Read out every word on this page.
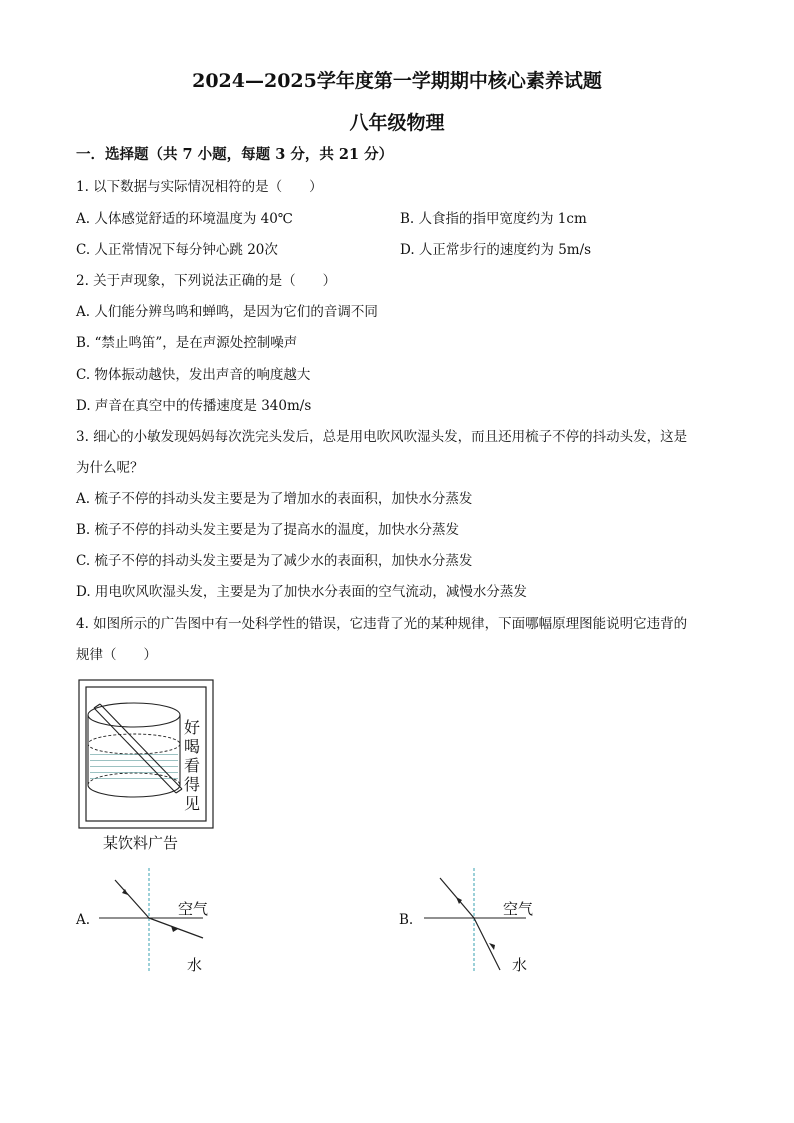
2024—2025学年度第一学期期中核心素养试题
八年级物理
一．选择题（共 7 小题，每题 3 分，共 21 分）
1. 以下数据与实际情况相符的是（　　）
A. 人体感觉舒适的环境温度为 40℃	B. 人食指的指甲宽度约为 1cm
C. 人正常情况下每分钟心跳 20次	D. 人正常步行的速度约为 5m/s
2. 关于声现象，下列说法正确的是（　　）
A. 人们能分辨鸟鸣和蝉鸣，是因为它们的音调不同
B. “禁止鸣笛”，是在声源处控制噪声
C. 物体振动越快，发出声音的响度越大
D. 声音在真空中的传播速度是 340m/s
3. 细心的小敏发现妈妈每次洗完头发后，总是用电吹风吹湿头发，而且还用梳子不停的抖动头发，这是
为什么呢？
A. 梳子不停的抖动头发主要是为了增加水的表面积，加快水分蒸发
B. 梳子不停的抖动头发主要是为了提高水的温度，加快水分蒸发
C. 梳子不停的抖动头发主要是为了减少水的表面积，加快水分蒸发
D. 用电吹风吹湿头发，主要是为了加快水分表面的空气流动，减慢水分蒸发
4. 如图所示的广告图中有一处科学性的错误，它违背了光的某种规律，下面哪幅原理图能说明它违背的
规律（　　）
好
喝
看
得
见
某饮料广告
A.
空气
水
B.
空气
水
